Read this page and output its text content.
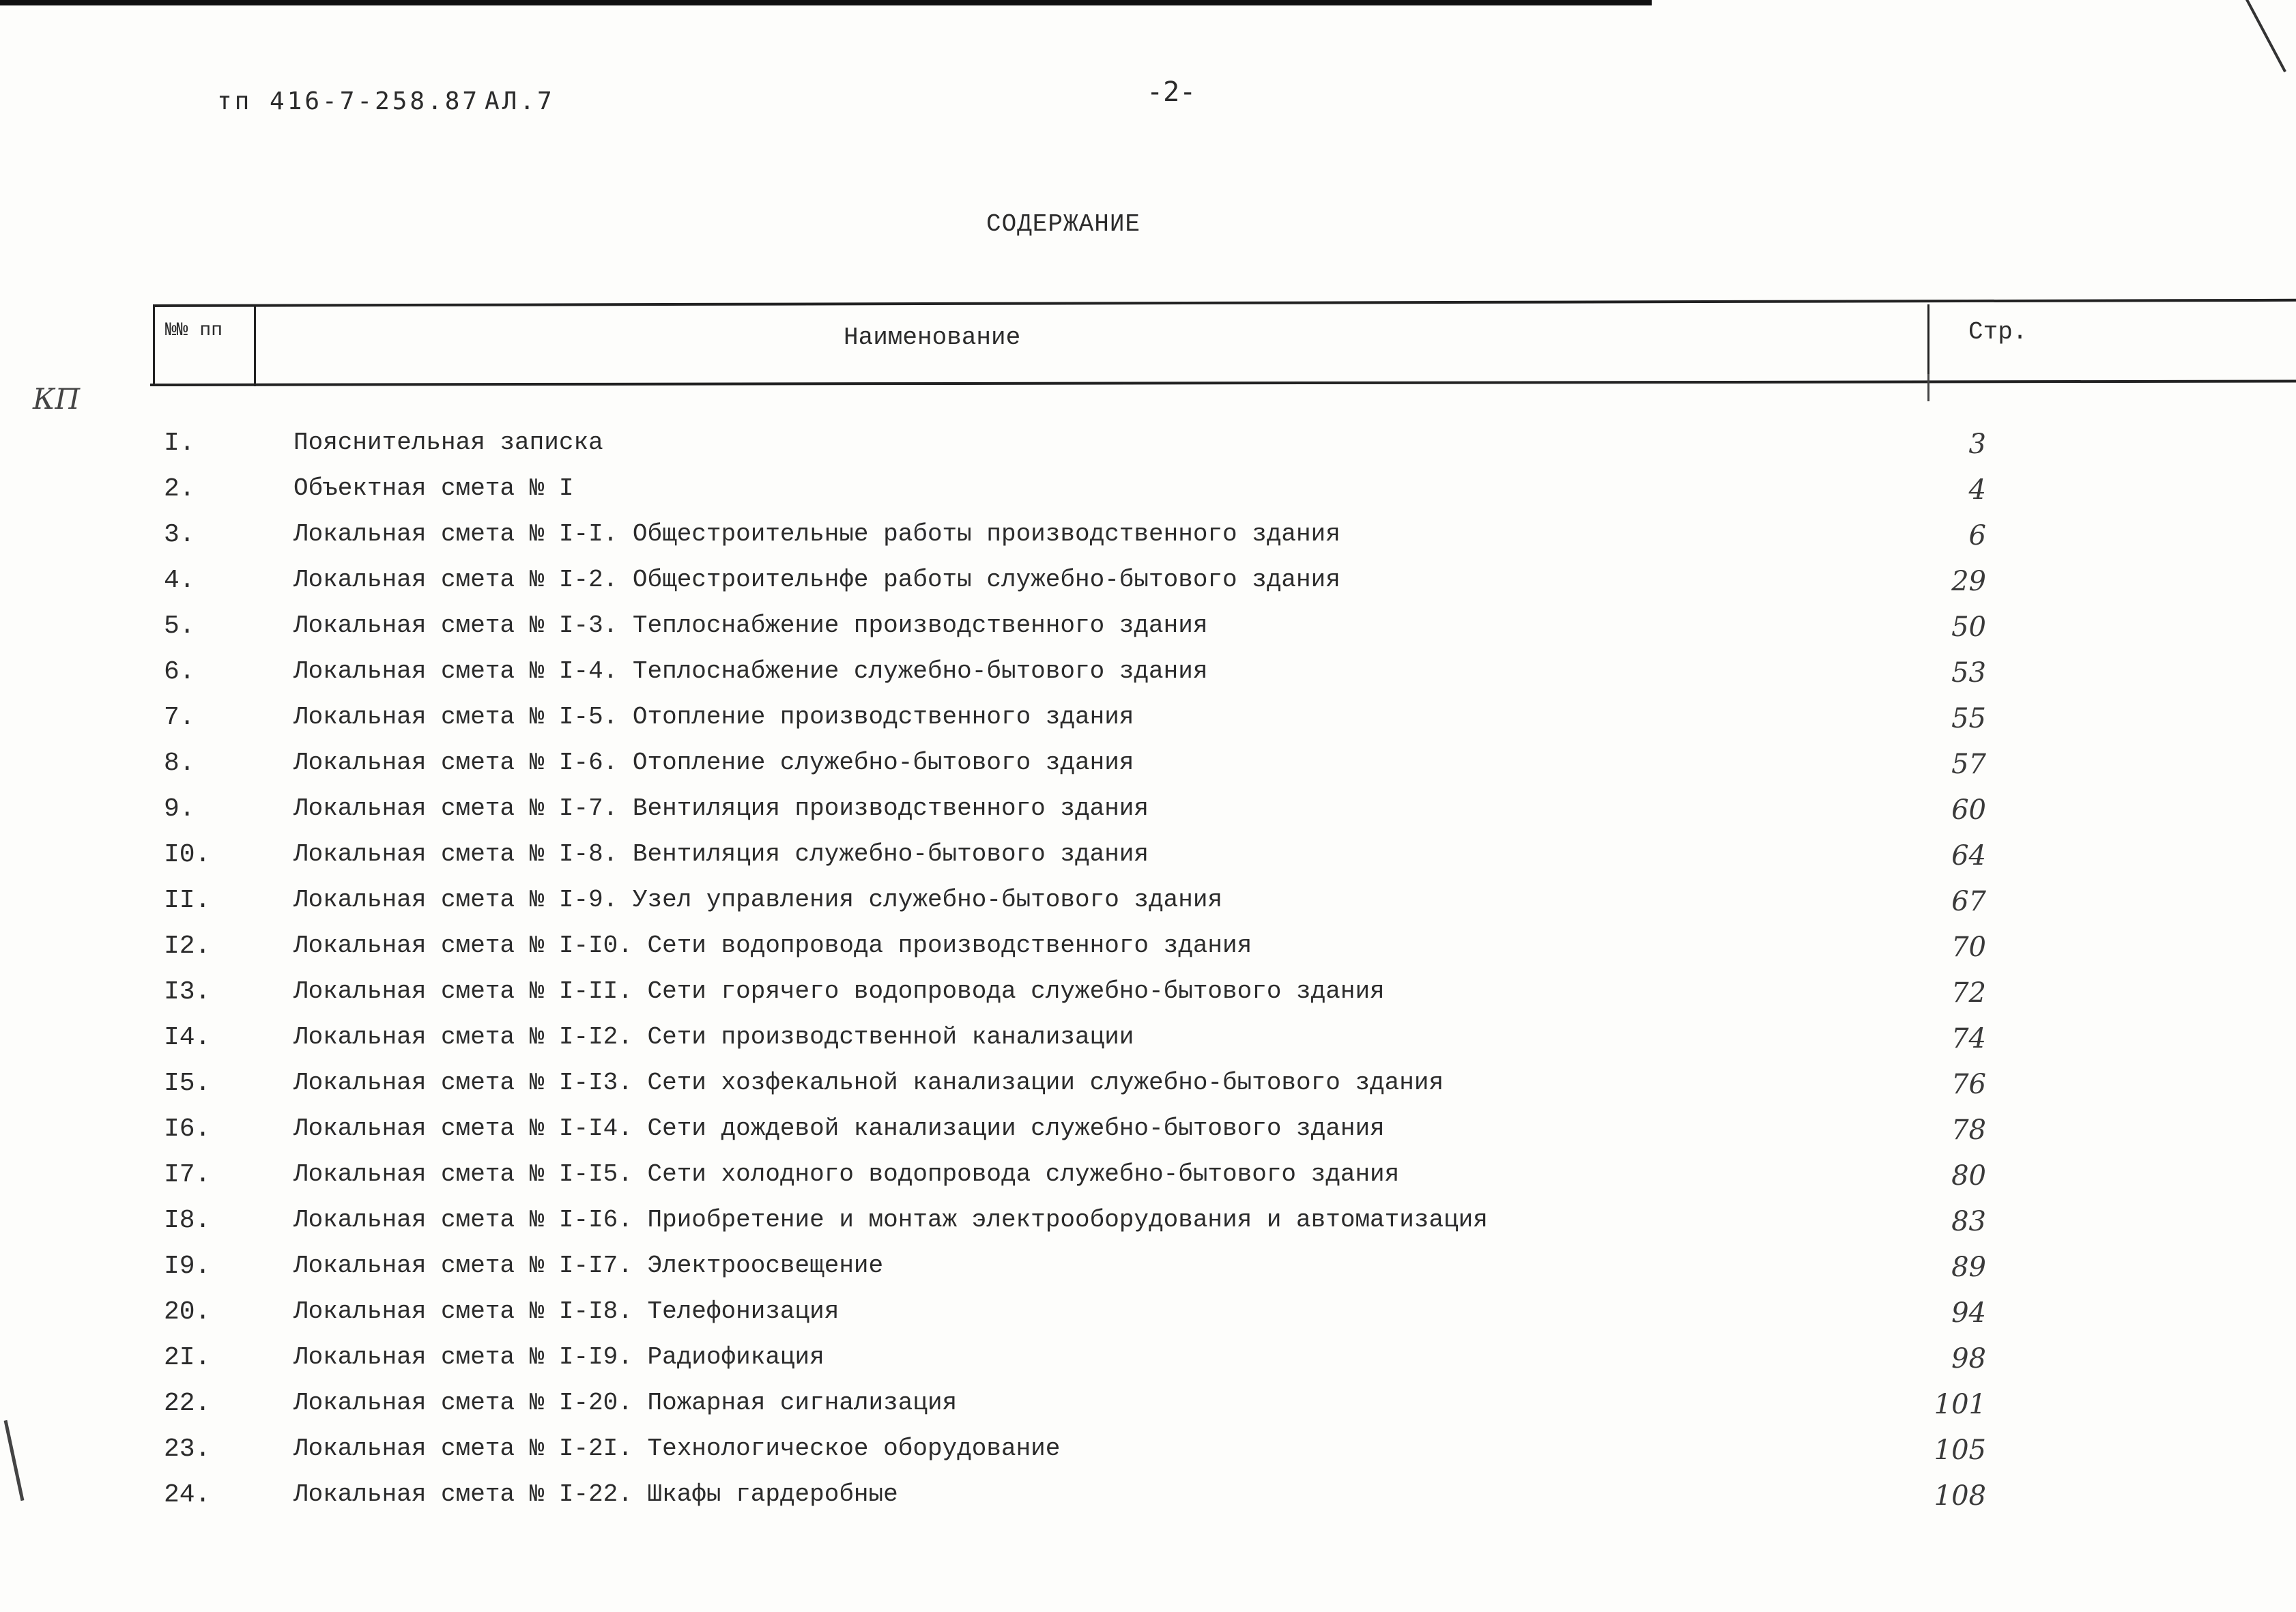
тп 416-7-258.87 АЛ.7	-2-
КП
СОДЕРЖАНИЕ
№№ пп	Наименование	Стр.
I.	Пояснительная записка	3
2.	Объектная смета № I	4
3.	Локальная смета № I-I. Общестроительные работы производственного здания	6
4.	Локальная смета № I-2. Общестроительнфе работы служебно-бытового здания	29
5.	Локальная смета № I-3. Теплоснабжение производственного здания	50
6.	Локальная смета № I-4. Теплоснабжение служебно-бытового здания	53
7.	Локальная смета № I-5. Отопление производственного здания	55
8.	Локальная смета № I-6. Отопление служебно-бытового здания	57
9.	Локальная смета № I-7. Вентиляция производственного здания	60
I0.	Локальная смета № I-8. Вентиляция служебно-бытового здания	64
II.	Локальная смета № I-9. Узел управления служебно-бытового здания	67
I2.	Локальная смета № I-I0. Сети водопровода производственного здания	70
I3.	Локальная смета № I-II. Сети горячего водопровода служебно-бытового здания	72
I4.	Локальная смета № I-I2. Сети производственной канализации	74
I5.	Локальная смета № I-I3. Сети хозфекальной канализации служебно-бытового здания	76
I6.	Локальная смета № I-I4. Сети дождевой канализации служебно-бытового здания	78
I7.	Локальная смета № I-I5. Сети холодного водопровода служебно-бытового здания	80
I8.	Локальная смета № I-I6. Приобретение и монтаж электрооборудования и автоматизация	83
I9.	Локальная смета № I-I7. Электроосвещение	89
20.	Локальная смета № I-I8. Телефонизация	94
2I.	Локальная смета № I-I9. Радиофикация	98
22.	Локальная смета № I-20. Пожарная сигнализация	101
23.	Локальная смета № I-2I. Технологическое оборудование	105
24.	Локальная смета № I-22. Шкафы гардеробные	108
